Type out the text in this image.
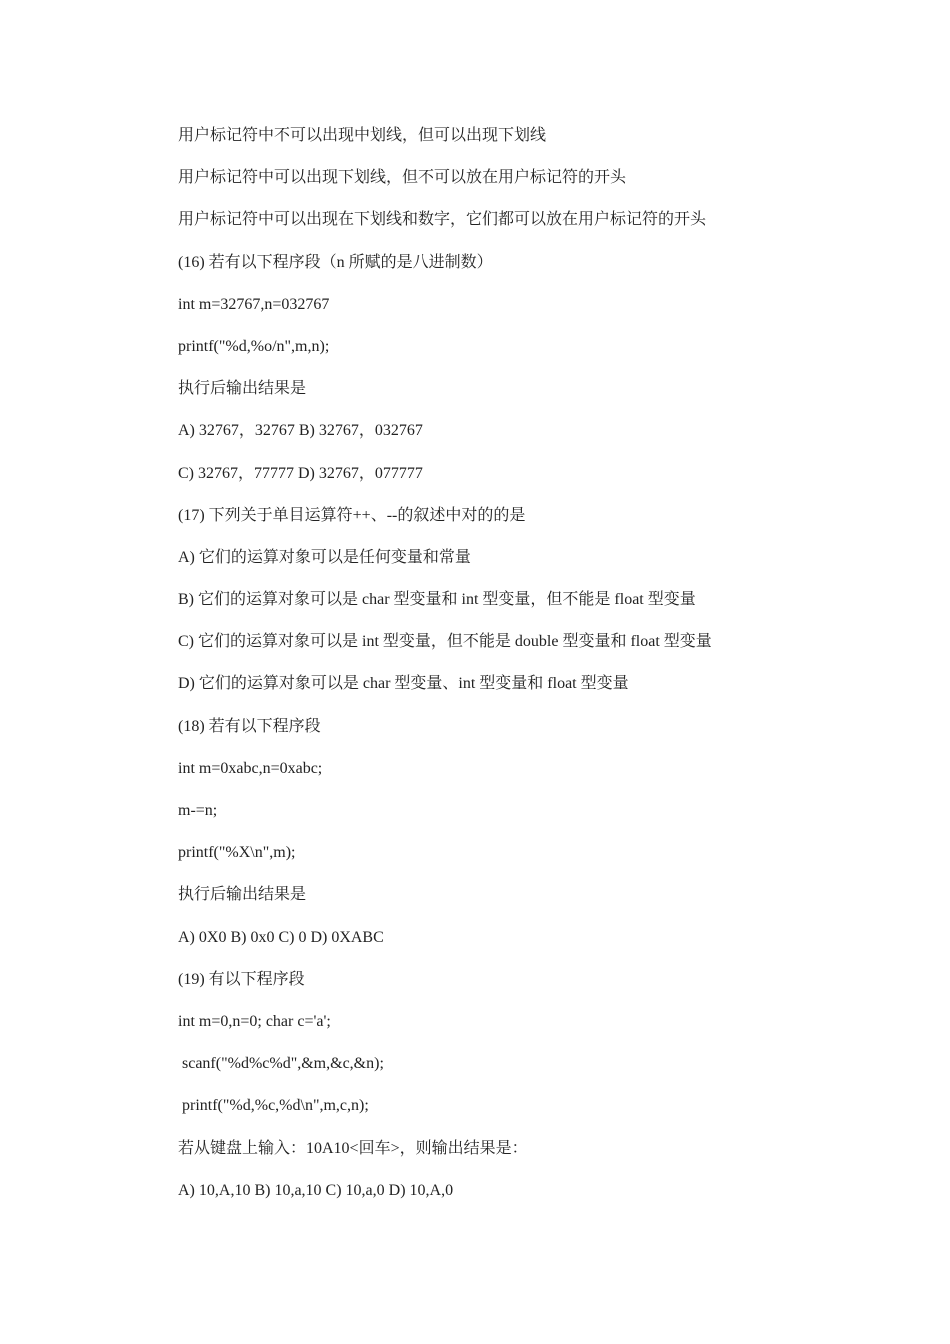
用户标记符中不可以出现中划线，但可以出现下划线
用户标记符中可以出现下划线，但不可以放在用户标记符的开头
用户标记符中可以出现在下划线和数字，它们都可以放在用户标记符的开头
(16) 若有以下程序段（n 所赋的是八进制数）
int m=32767,n=032767
printf("%d,%o/n",m,n);
执行后输出结果是
A) 32767，32767 B) 32767，032767
C) 32767，77777 D) 32767，077777
(17) 下列关于单目运算符++、--的叙述中对的的是
A) 它们的运算对象可以是任何变量和常量
B) 它们的运算对象可以是 char 型变量和 int 型变量，但不能是 float 型变量
C) 它们的运算对象可以是 int 型变量，但不能是 double 型变量和 float 型变量
D) 它们的运算对象可以是 char 型变量、int 型变量和 float 型变量
(18) 若有以下程序段
int m=0xabc,n=0xabc;
m-=n;
printf("%X\n",m);
执行后输出结果是
A) 0X0 B) 0x0 C) 0 D) 0XABC
(19) 有以下程序段
int m=0,n=0; char c='a';
scanf("%d%c%d",&m,&c,&n);
printf("%d,%c,%d\n",m,c,n);
若从键盘上输入：10A10<回车>，则输出结果是：
A) 10,A,10 B) 10,a,10 C) 10,a,0 D) 10,A,0
